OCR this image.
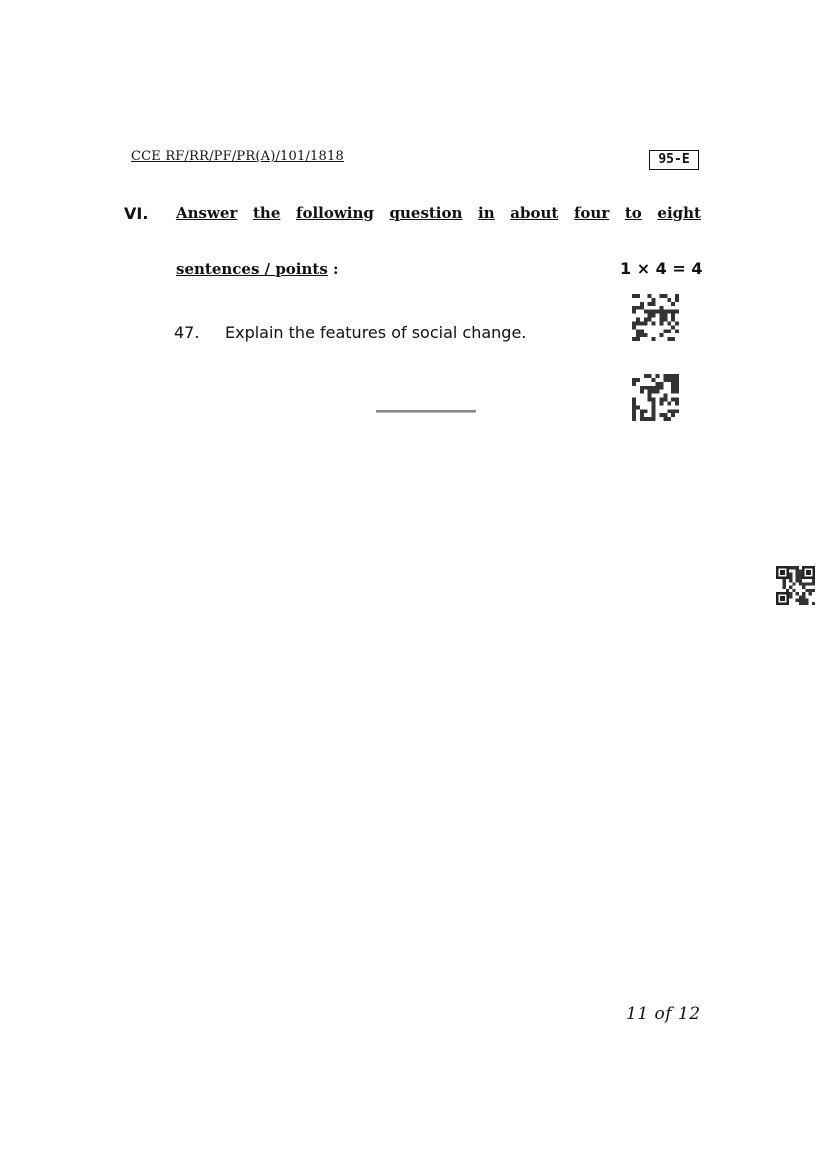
CCE RF/RR/PF/PR(A)/101/1818	95-E
VI. Answer the following question in about four to eight
sentences / points :	1 × 4 = 4
47. Explain the features of social change.
11 of 12
